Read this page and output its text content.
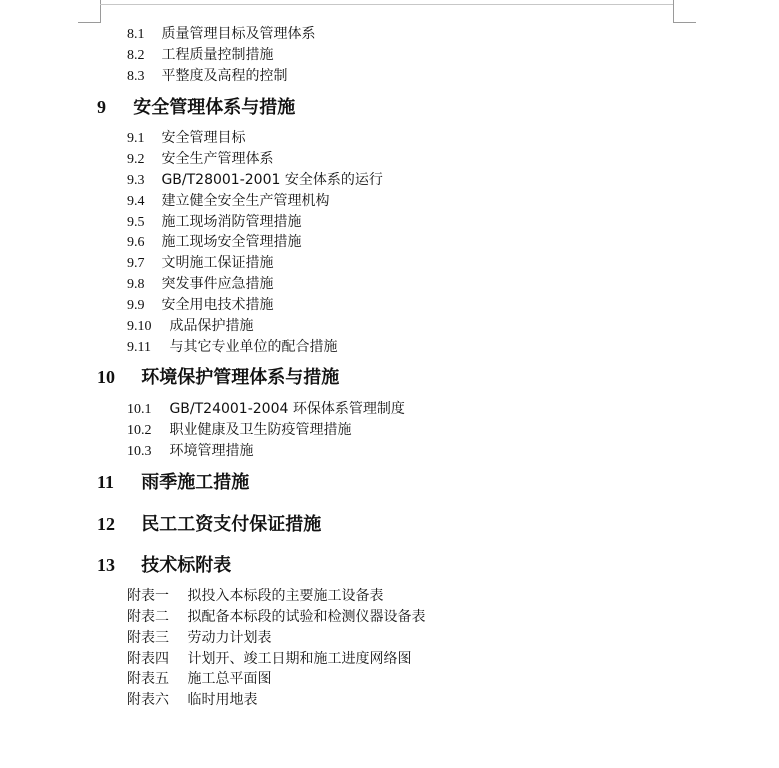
8.1 质量管理目标及管理体系
8.2 工程质量控制措施
8.3 平整度及高程的控制
9 安全管理体系与措施
9.1 安全管理目标
9.2 安全生产管理体系
9.3 GB/T28001-2001 安全体系的运行
9.4 建立健全安全生产管理机构
9.5 施工现场消防管理措施
9.6 施工现场安全管理措施
9.7 文明施工保证措施
9.8 突发事件应急措施
9.9 安全用电技术措施
9.10 成品保护措施
9.11 与其它专业单位的配合措施
10 环境保护管理体系与措施
10.1 GB/T24001-2004 环保体系管理制度
10.2 职业健康及卫生防疫管理措施
10.3 环境管理措施
11 雨季施工措施
12 民工工资支付保证措施
13 技术标附表
附表一 拟投入本标段的主要施工设备表
附表二 拟配备本标段的试验和检测仪器设备表
附表三 劳动力计划表
附表四 计划开、竣工日期和施工进度网络图
附表五 施工总平面图
附表六 临时用地表
